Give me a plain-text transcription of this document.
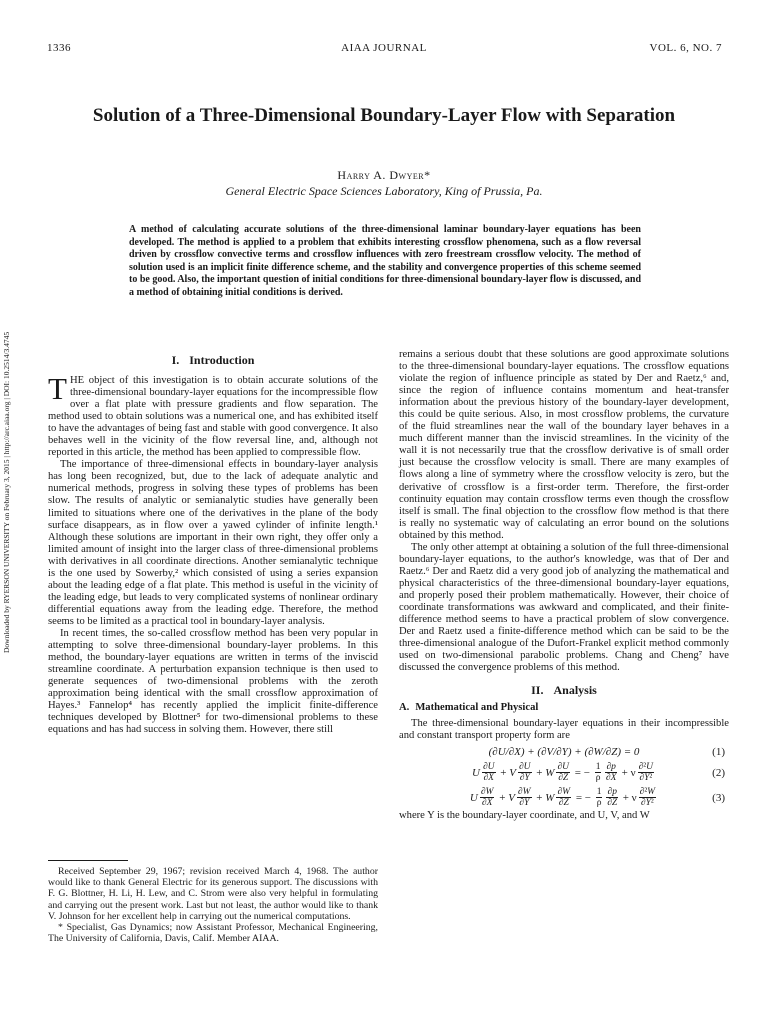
1336	AIAA JOURNAL	VOL. 6, NO. 7
Solution of a Three-Dimensional Boundary-Layer Flow with Separation
Harry A. Dwyer*
General Electric Space Sciences Laboratory, King of Prussia, Pa.

A method of calculating accurate solutions of the three-dimensional laminar boundary-layer equations has been developed. The method is applied to a problem that exhibits interesting crossflow phenomena, such as a flow reversal driven by crossflow convective terms and crossflow influences with zero freestream crossflow velocity. The method of solution used is an implicit finite difference scheme, and the stability and convergence properties of this scheme seemed to be good. Also, the important question of initial conditions for three-dimensional boundary-layer flow is discussed, and a method of obtaining initial conditions is derived.

Downloaded by RYERSON UNIVERSITY on February 3, 2015 | http://arc.aiaa.org | DOI: 10.2514/3.4745	I. Introduction

THE object of this investigation is to obtain accurate solutions of the three-dimensional boundary-layer equations for the incompressible flow over a flat plate with pressure gradients and flow separation. The method used to obtain solutions was a numerical one, and has exhibited itself to have the advantages of being fast and stable with good convergence. It also behaves well in the vicinity of the flow reversal line, and, although not reported in this article, the method has been applied to compressible flow.

The importance of three-dimensional effects in boundary-layer analysis has long been recognized, but, due to the lack of adequate analytic and numerical methods, progress in solving these types of problems has been slow. The results of analytic or semianalytic studies have generally been limited to situations where one of the derivatives in the plane of the body surface disappears, as in flow over a yawed cylinder of infinite length.¹ Although these solutions are important in their own right, they offer only a limited amount of insight into the larger class of three-dimensional problems with derivatives in all coordinate directions. Another semianalytic technique is the one used by Sowerby,² which consisted of using a series expansion about the leading edge of a flat plate. This method is useful in the vicinity of the leading edge, but leads to very complicated systems of nonlinear ordinary differential equations away from the leading edge. Therefore, the method seems to be limited as a practical tool in boundary-layer analysis.

In recent times, the so-called crossflow method has been very popular in attempting to solve three-dimensional boundary-layer problems. In this method, the boundary-layer equations are written in terms of the inviscid streamline coordinate. A perturbation expansion technique is then used to generate sequences of two-dimensional problems with the zeroth approximation being identical with the small crossflow approximation of Hayes.³ Fannelop⁴ has recently applied the implicit finite-difference techniques developed by Blottner⁵ for two-dimensional problems to these equations and has had success in solving them. However, there still

Received September 29, 1967; revision received March 4, 1968. The author would like to thank General Electric for its generous support. The discussions with F. G. Blottner, H. Li, H. Lew, and C. Strom were also very helpful in formulating and carrying out the present work. Last but not least, the author would like to thank V. Johnson for her excellent help in carrying out the numerical computations.

* Specialist, Gas Dynamics; now Assistant Professor, Mechanical Engineering, The University of California, Davis, Calif. Member AIAA.

remains a serious doubt that these solutions are good approximate solutions to the three-dimensional boundary-layer equations. The crossflow equations violate the region of influence principle as stated by Der and Raetz,⁶ and, since the region of influence contains momentum and heat-transfer information about the previous history of the boundary-layer development, this could be quite serious. Also, in most crossflow problems, the curvature of the fluid streamlines near the wall of the boundary layer behaves in a much different manner than the inviscid streamlines. In the vicinity of the wall it is not necessarily true that the crossflow derivative is of small order just because the crossflow velocity is small. There are many examples of flows along a line of symmetry where the crossflow velocity is zero, but the derivative of crossflow is a first-order term. Therefore, the first-order continuity equation may contain crossflow terms even though the crossflow itself is small. The final objection to the crossflow flow method is that there is really no systematic way of calculating an error bound on the solutions obtained by this method.

The only other attempt at obtaining a solution of the full three-dimensional boundary-layer equations, to the author's knowledge, was that of Der and Raetz.⁶ Der and Raetz did a very good job of analyzing the mathematical and physical characteristics of the three-dimensional boundary-layer equations, and properly posed their problem mathematically. However, their choice of coordinate transformations was awkward and complicated, and their finite-difference method seems to have a practical problem of slow convergence. Der and Raetz used a finite-difference method which can be said to be the three-dimensional analogue of the Dufort-Frankel explicit method commonly used on two-dimensional parabolic problems. Chang and Cheng⁷ have discussed the convergence problems of this method.

II. Analysis
A. Mathematical and Physical

The three-dimensional boundary-layer equations in their incompressible and constant transport property form are

(∂U/∂X) + (∂V/∂Y) + (∂W/∂Z) = 0	(1)
U $\frac{\partial U}{\partial X} + V \frac{\partial U}{\partial Y} + W \frac{\partial U}{\partial Z}$ = − $\frac{1}{\rho} \frac{\partial p}{\partial X} + \nu \frac{\text{∂²U}}{\text{∂Y²}}$	(2)
U $\frac{\partial W}{\partial X} + V \frac{\partial W}{\partial Y} + W \frac{\partial W}{\partial Z}$ = − $\frac{1}{\rho} \frac{\partial p}{\partial Z} + \nu \frac{\text{∂²W}}{\text{∂Y²}}$	(3)

where Y is the boundary-layer coordinate, and U, V, and W
